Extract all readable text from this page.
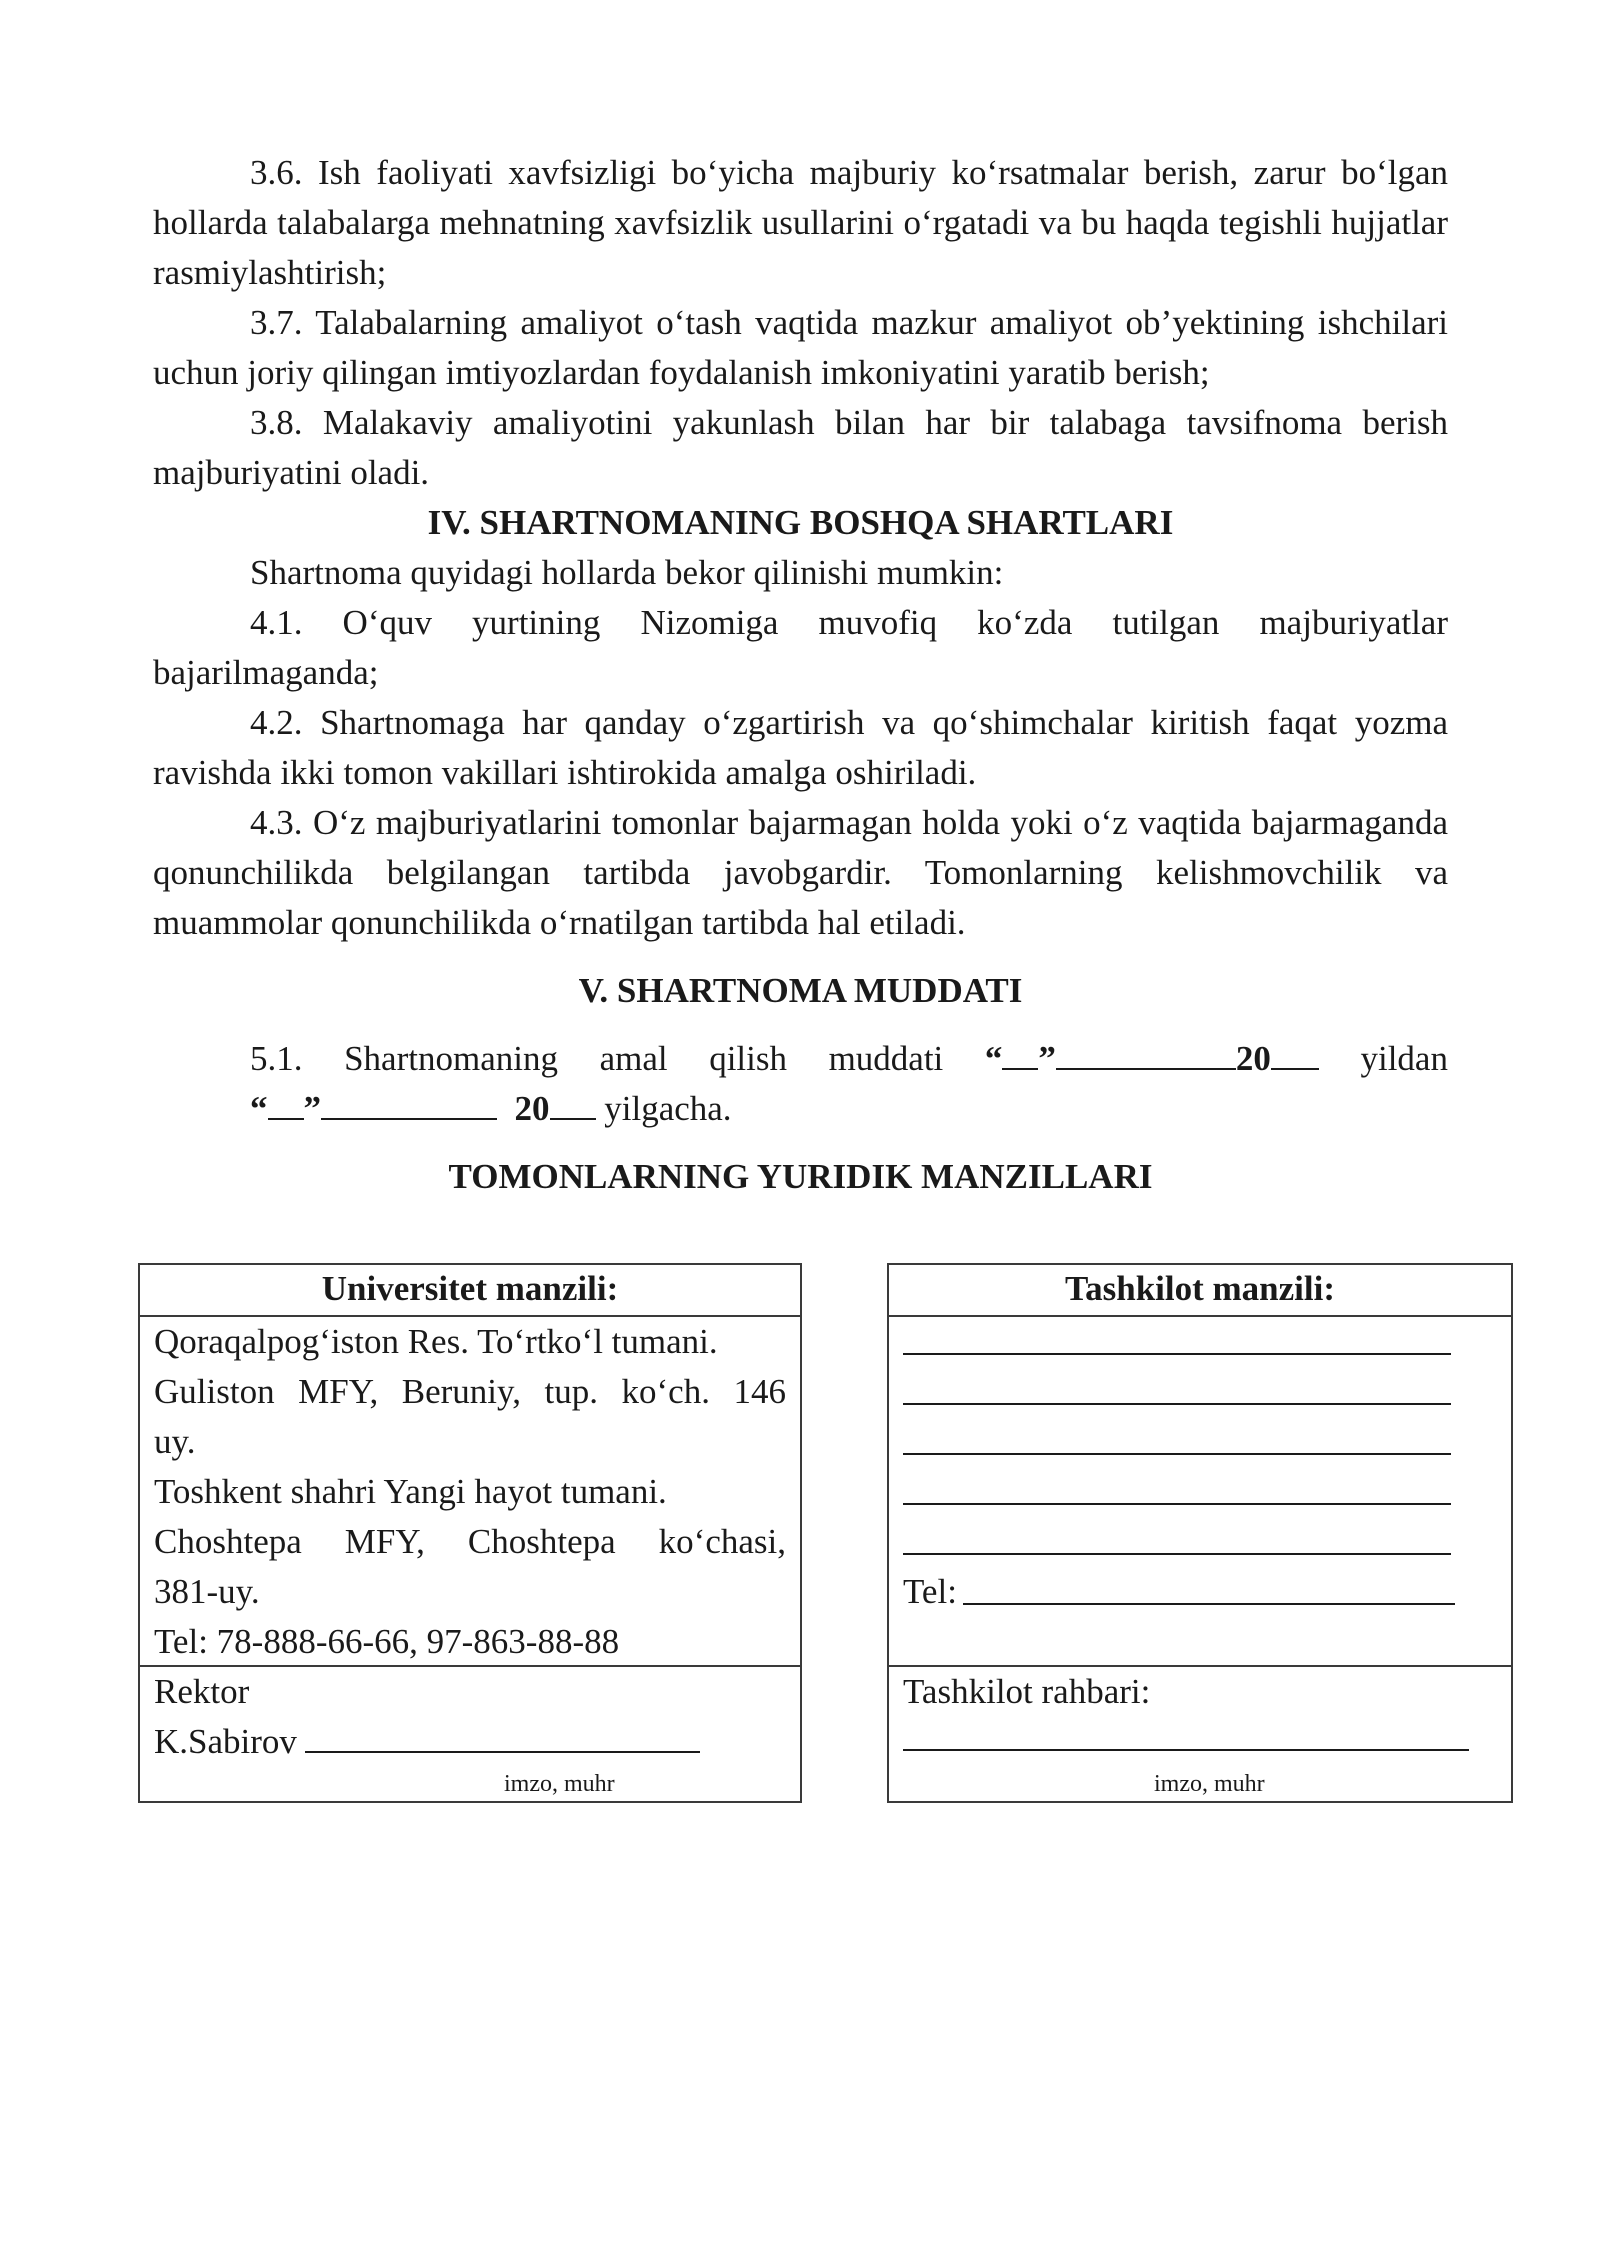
3.6. Ish faoliyati xavfsizligi bo‘yicha majburiy ko‘rsatmalar berish, zarur bo‘lgan hollarda talabalarga mehnatning xavfsizlik usullarini o‘rgatadi va bu haqda tegishli hujjatlar rasmiylashtirish;

3.7. Talabalarning amaliyot o‘tash vaqtida mazkur amaliyot ob’yektining ishchilari uchun joriy qilingan imtiyozlardan foydalanish imkoniyatini yaratib berish;

3.8. Malakaviy amaliyotini yakunlash bilan har bir talabaga tavsifnoma berish majburiyatini oladi.

IV. SHARTNOMANING BOSHQA SHARTLARI

Shartnoma quyidagi hollarda bekor qilinishi mumkin:

4.1. O‘quv yurtining Nizomiga muvofiq ko‘zda tutilgan majburiyatlar bajarilmaganda;

4.2. Shartnomaga har qanday o‘zgartirish va qo‘shimchalar kiritish faqat yozma ravishda ikki tomon vakillari ishtirokida amalga oshiriladi.

4.3. O‘z majburiyatlarini tomonlar bajarmagan holda yoki o‘z vaqtida bajarmaganda qonunchilikda belgilangan tartibda javobgardir. Tomonlarning kelishmovchilik va muammolar qonunchilikda o‘rnatilgan tartibda hal etiladi.

V. SHARTNOMA MUDDATI

5.1. Shartnomaning amal qilish muddati “ ”	20	yildan
“ ”	20 yilgacha.

TOMONLARNING YURIDIK MANZILLARI

Universitet manzili:

Qoraqalpog‘iston Res. To‘rtko‘l tumani.

Guliston MFY, Beruniy, tup. ko‘ch. 146

uy.

Toshkent shahri Yangi hayot tumani.

Choshtepa MFY, Choshtepa ko‘chasi,

381-uy.

Tel: 78-888-66-66, 97-863-88-88

Rektor
K.Sabirov
imzo, muhr
Tashkilot manzili:
Tel:
Tashkilot rahbari:
imzo, muhr
